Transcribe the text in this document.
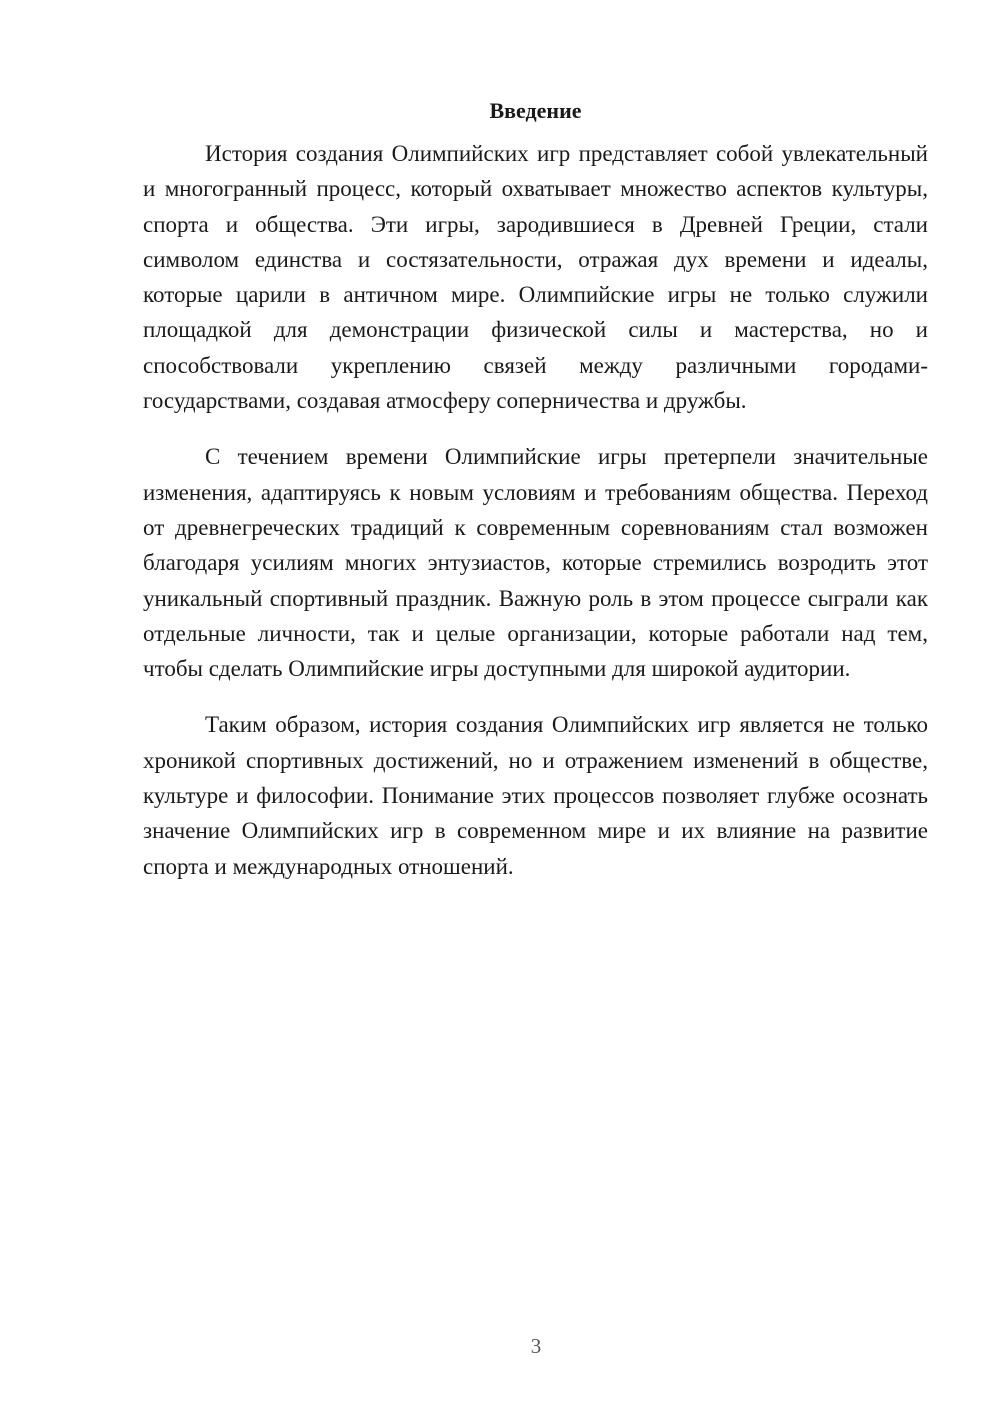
Введение

История создания Олимпийских игр представляет собой увлекательный и многогранный процесс, который охватывает множество аспектов культуры, спорта и общества. Эти игры, зародившиеся в Древней Греции, стали символом единства и состязательности, отражая дух времени и идеалы, которые царили в античном мире. Олимпийские игры не только служили площадкой для демонстрации физической силы и мастерства, но и способствовали укреплению связей между различными городами-государствами, создавая атмосферу соперничества и дружбы.

С течением времени Олимпийские игры претерпели значительные изменения, адаптируясь к новым условиям и требованиям общества. Переход от древнегреческих традиций к современным соревнованиям стал возможен благодаря усилиям многих энтузиастов, которые стремились возродить этот уникальный спортивный праздник. Важную роль в этом процессе сыграли как отдельные личности, так и целые организации, которые работали над тем, чтобы сделать Олимпийские игры доступными для широкой аудитории.

Таким образом, история создания Олимпийских игр является не только хроникой спортивных достижений, но и отражением изменений в обществе, культуре и философии. Понимание этих процессов позволяет глубже осознать значение Олимпийских игр в современном мире и их влияние на развитие спорта и международных отношений.

3
